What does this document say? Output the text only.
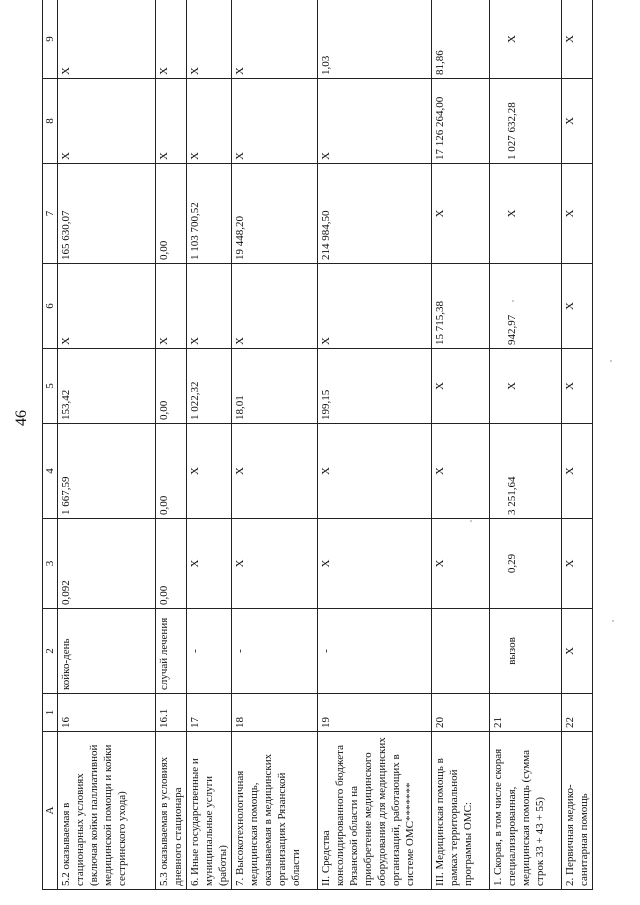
46
A	1	2	3	4	5	6	7	8	9
5.2 оказываемая в стационарных условиях (включая койки паллиативной медицинской помощи и койки сестринского ухода)	16	койко-день	0,092	1 667,59	153,42	Х	165 630,07	Х	Х
5.3 оказываемая в условиях дневного стационара	16.1	случай лечения	0,00	0,00	0,00	Х	0,00	Х	Х
6. Иные государственные и муниципальные услуги (работы)	17	-	Х	Х	1 022,32	Х	1 103 700,52	Х	Х
7. Высокотехнологичная медицинская помощь, оказываемая в медицинских организациях Рязанской области	18	-	Х	Х	18,01	Х	19 448,20	Х	Х
II. Средства консолидированного бюджета Рязанской области на приобретение медицинского оборудования для медицинских организаций, работающих в системе ОМС*******	19	-	Х	Х	199,15	Х	214 984,50	Х	1,03
III. Медицинская помощь в рамках территориальной программы ОМС:	20		Х	Х	Х	15 715,38	Х	17 126 264,00	81,86
1. Скорая, в том числе скорая специализированная, медицинская помощь (сумма строк 33 + 43 + 55)	21	вызов	0,29	3 251,64	Х	942,97	Х	1 027 632,28	Х
2. Первичная медико-санитарная помощь	22	Х	Х	Х	Х	Х	Х	Х	Х
